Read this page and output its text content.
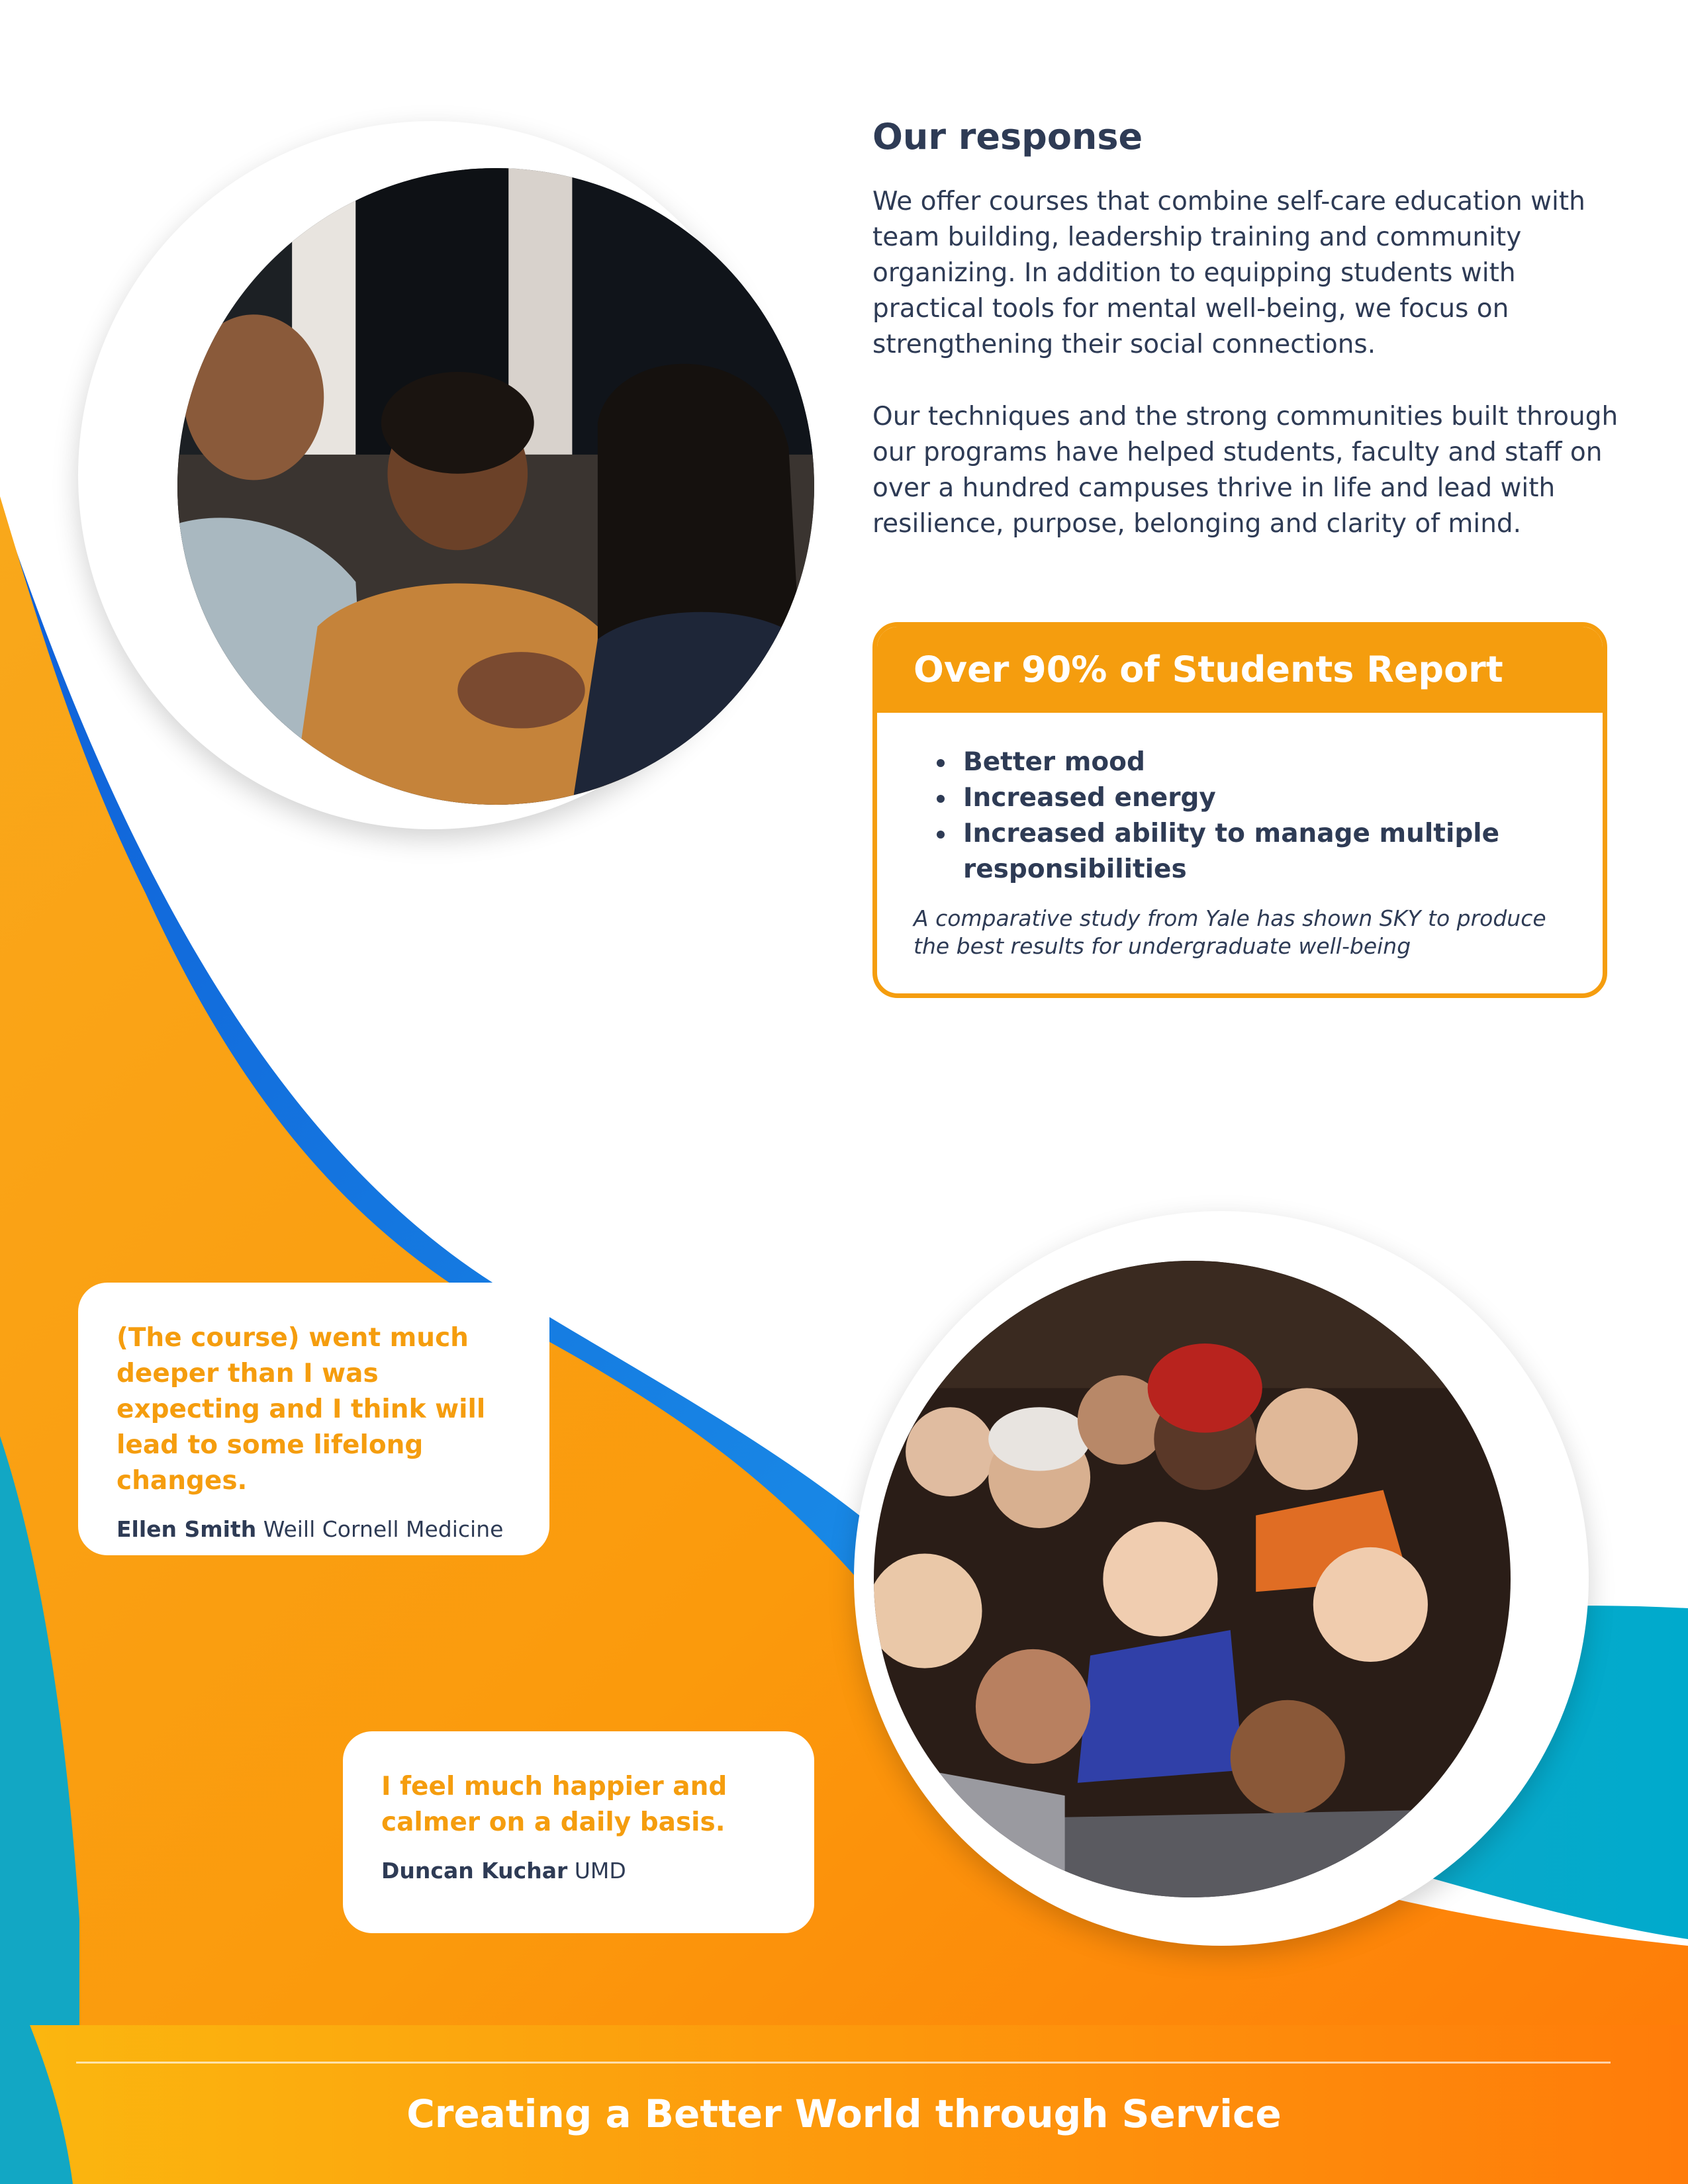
Our response

We offer courses that combine self-care education with team building, leadership training and community organizing. In addition to equipping students with practical tools for mental well-being, we focus on strengthening their social connections.

Our techniques and the strong communities built through our programs have helped students, faculty and staff on over a hundred campuses thrive in life and lead with resilience, purpose, belonging and clarity of mind.

Over 90% of Students Report
Better mood
Increased energy
Increased ability to manage multiple responsibilities

A comparative study from Yale has shown SKY to produce the best results for undergraduate well-being

(The course) went much deeper than I was expecting and I think will lead to some lifelong changes.

Ellen Smith Weill Cornell Medicine

I feel much happier and calmer on a daily basis.

Duncan Kuchar UMD

Creating a Better World through Service
